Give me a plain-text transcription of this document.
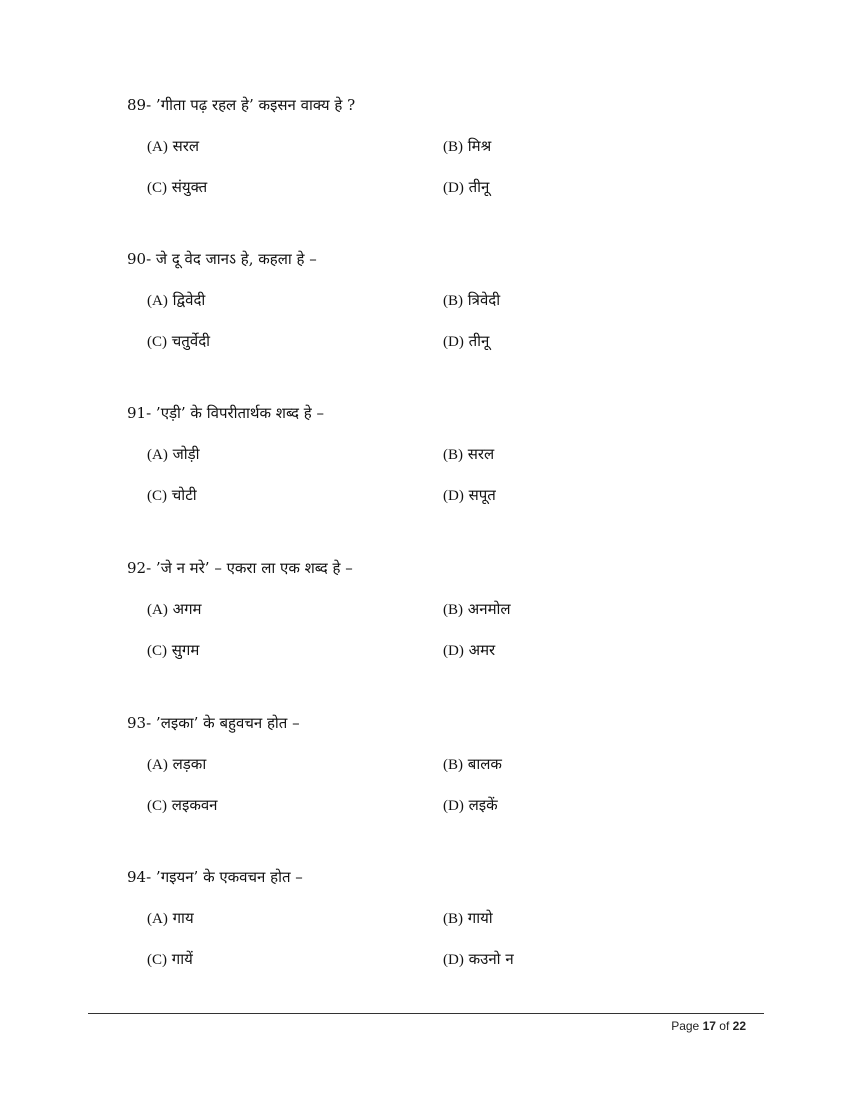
89- ’गीता पढ़ रहल हे’ कइसन वाक्य हे ?
(A) सरल	(B) मिश्र
(C) संयुक्त	(D) तीनू
90- जे दू वेद जानऽ हे, कहला हे –
(A) द्विवेदी	(B) त्रिवेदी
(C) चतुर्वेदी	(D) तीनू
91- ’एड़ी’ के विपरीतार्थक शब्द हे –
(A) जोड़ी	(B) सरल
(C) चोटी	(D) सपूत
92- ’जे न मरे’ – एकरा ला एक शब्द हे –
(A) अगम	(B) अनमोल
(C) सुगम	(D) अमर
93- ’लइका’ के बहुवचन होत –
(A) लड़का	(B) बालक
(C) लइकवन	(D) लइकें
94- ’गइयन’ के एकवचन होत –
(A) गाय	(B) गायो
(C) गायें	(D) कउनो न
Page 17 of 22
